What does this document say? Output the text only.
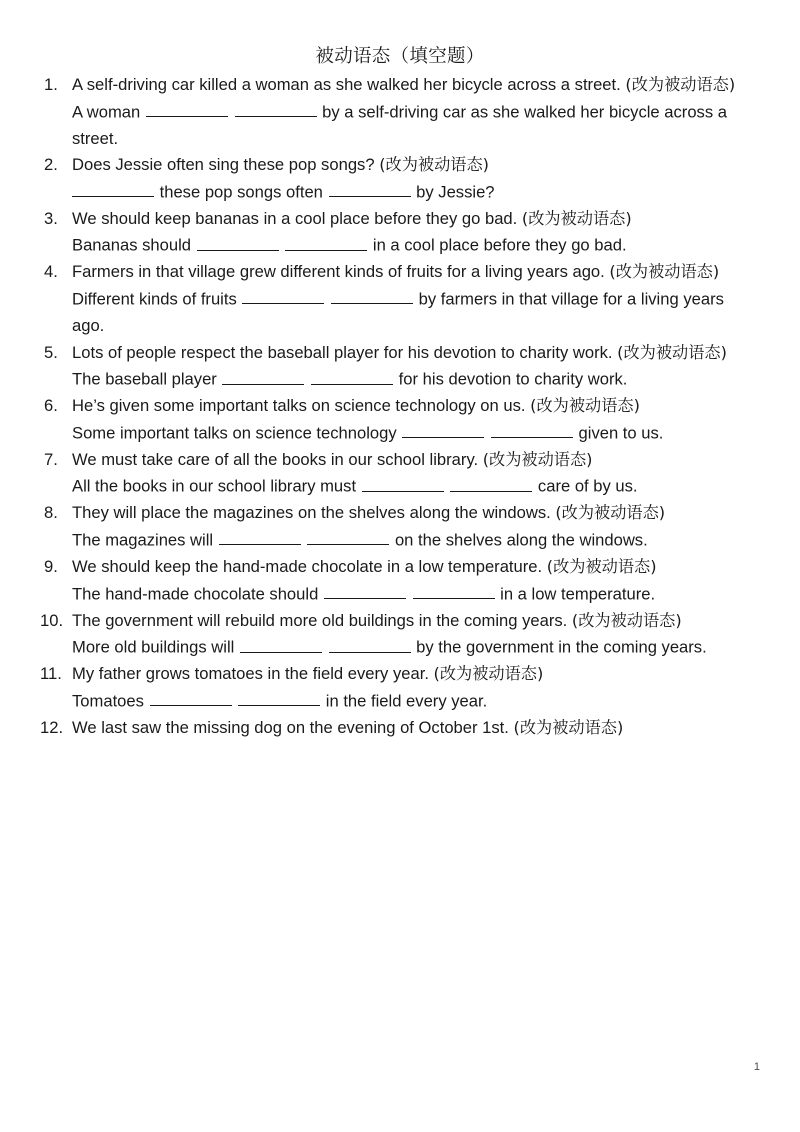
被动语态（填空题）
1. A self-driving car killed a woman as she walked her bicycle across a street. (改为被动语态)
A woman	by a self-driving car as she walked her bicycle across a street.
2. Does Jessie often sing these pop songs? (改为被动语态)
these pop songs often	by Jessie?
3. We should keep bananas in a cool place before they go bad. (改为被动语态)
Bananas should	in a cool place before they go bad.
4. Farmers in that village grew different kinds of fruits for a living years ago. (改为被动语态)
Different kinds of fruits	by farmers in that village for a living years ago.
5. Lots of people respect the baseball player for his devotion to charity work. (改为被动语态)
The baseball player	for his devotion to charity work.
6. He’s given some important talks on science technology on us. (改为被动语态)
Some important talks on science technology	given to us.
7. We must take care of all the books in our school library. (改为被动语态)
All the books in our school library must	care of by us.
8. They will place the magazines on the shelves along the windows. (改为被动语态)
The magazines will	on the shelves along the windows.
9. We should keep the hand-made chocolate in a low temperature. (改为被动语态)
The hand-made chocolate should	in a low temperature.
10. The government will rebuild more old buildings in the coming years. (改为被动语态)
More old buildings will	by the government in the coming years.
11. My father grows tomatoes in the field every year. (改为被动语态)
Tomatoes	in the field every year.
12. We last saw the missing dog on the evening of October 1st. (改为被动语态)
1
